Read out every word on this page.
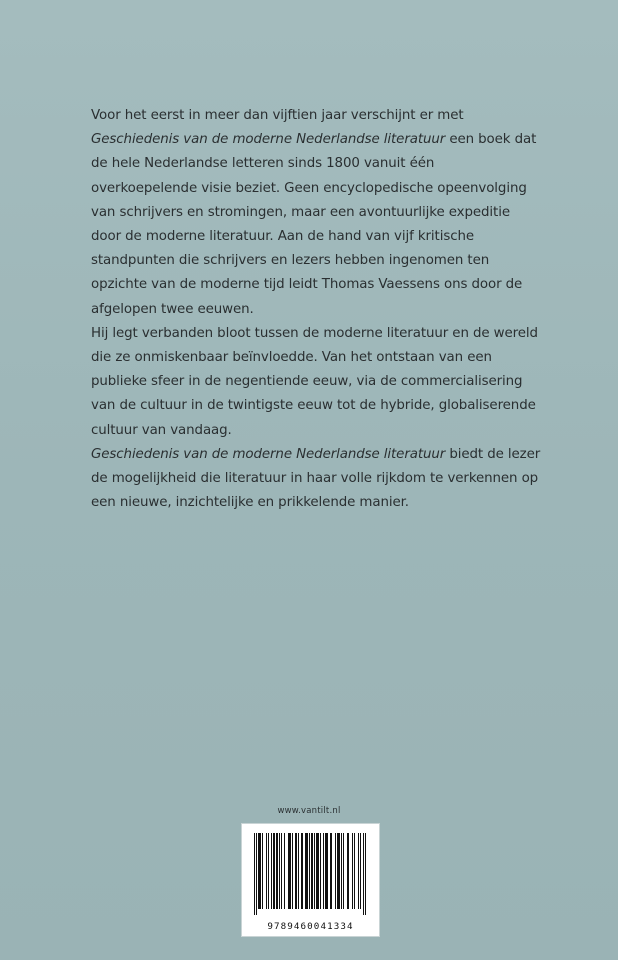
Voor het eerst in meer dan vijftien jaar verschijnt er met Geschiedenis van de moderne Nederlandse literatuur een boek dat de hele Nederlandse letteren sinds 1800 vanuit één overkoepelende visie beziet. Geen encyclopedische opeenvolging van schrijvers en stromingen, maar een avontuurlijke expeditie door de moderne literatuur. Aan de hand van vijf kritische standpunten die schrijvers en lezers hebben ingenomen ten opzichte van de moderne tijd leidt Thomas Vaessens ons door de afgelopen twee eeuwen.

Hij legt verbanden bloot tussen de moderne literatuur en de wereld die ze onmiskenbaar beïnvloedde. Van het ontstaan van een publieke sfeer in de negentiende eeuw, via de commercialisering van de cultuur in de twintigste eeuw tot de hybride, globaliserende cultuur van vandaag.

Geschiedenis van de moderne Nederlandse literatuur biedt de lezer de mogelijkheid die literatuur in haar volle rijkdom te verkennen op een nieuwe, inzichtelijke en prikkelende manier.

www.vantilt.nl
9789460041334
